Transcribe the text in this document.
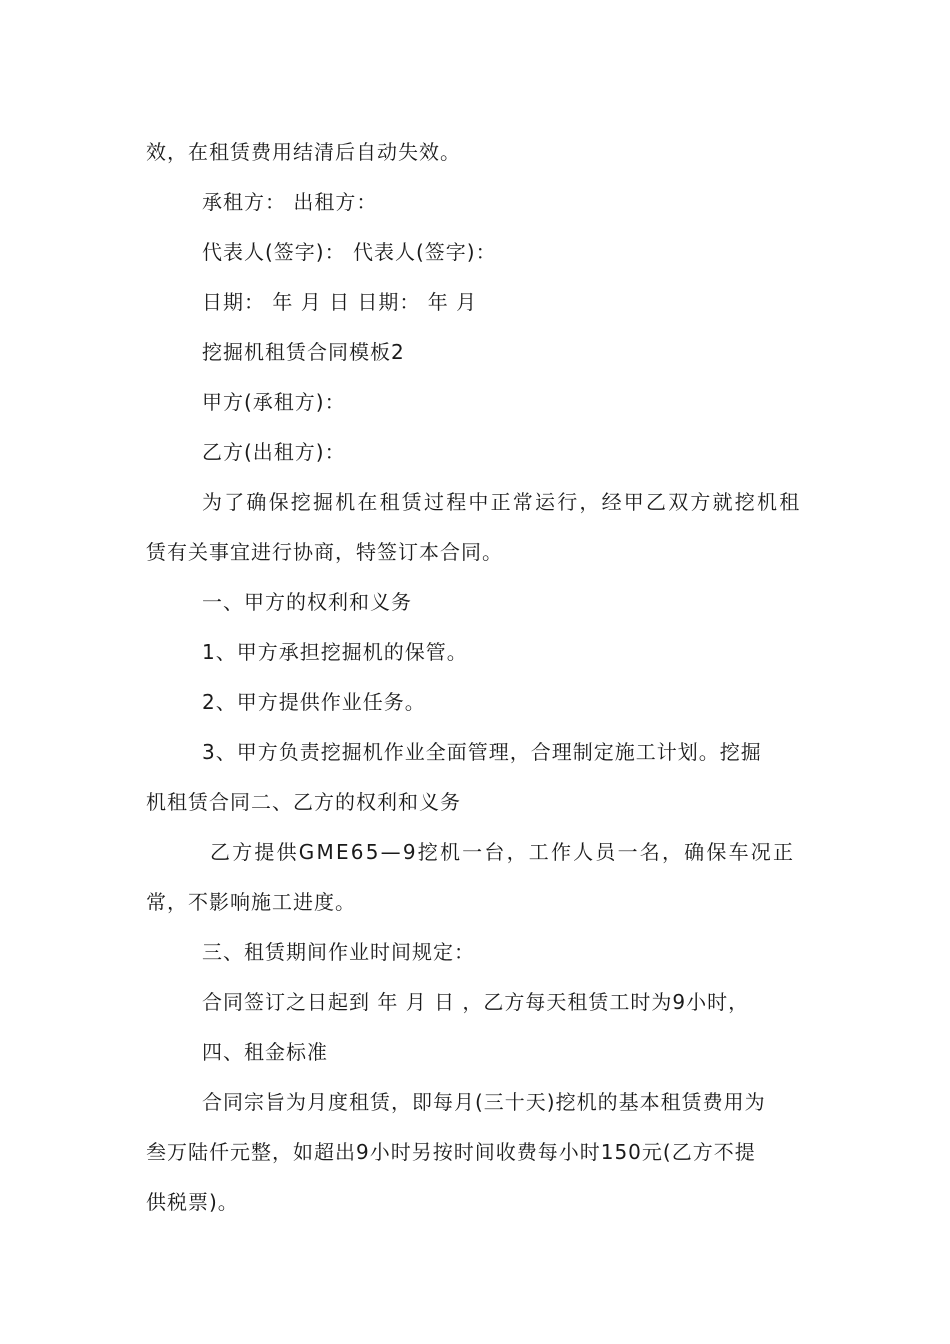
效，在租赁费用结清后自动失效。
承租方： 出租方：
代表人(签字)： 代表人(签字)：
日期： 年 月 日 日期： 年 月
挖掘机租赁合同模板2
甲方(承租方)：
乙方(出租方)：
为了确保挖掘机在租赁过程中正常运行，经甲乙双方就挖机租
赁有关事宜进行协商，特签订本合同。
一、甲方的权利和义务
1、甲方承担挖掘机的保管。
2、甲方提供作业任务。
3、甲方负责挖掘机作业全面管理，合理制定施工计划。挖掘
机租赁合同二、乙方的权利和义务
乙方提供GME65—9挖机一台，工作人员一名，确保车况正
常，不影响施工进度。
三、租赁期间作业时间规定：
合同签订之日起到 年 月 日 ，乙方每天租赁工时为9小时，
四、租金标准
合同宗旨为月度租赁，即每月(三十天)挖机的基本租赁费用为
叁万陆仟元整，如超出9小时另按时间收费每小时150元(乙方不提
供税票)。
